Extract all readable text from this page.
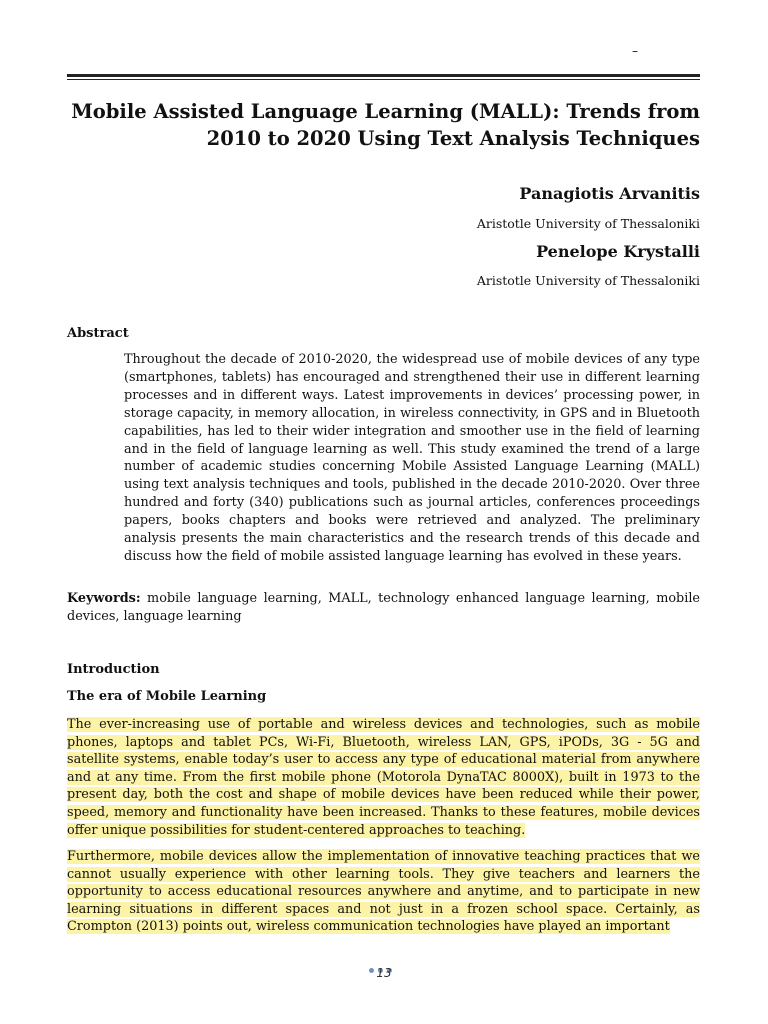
–
Mobile Assisted Language Learning (MALL): Trends from
2010 to 2020 Using Text Analysis Techniques

Panagiotis Arvanitis

Aristotle University of Thessaloniki

Penelope Krystalli

Aristotle University of Thessaloniki

Abstract

Throughout the decade of 2010-2020, the widespread use of mobile devices of any type (smartphones, tablets) has encouraged and strengthened their use in different learning processes and in different ways. Latest improvements in devices’ processing power, in storage capacity, in memory allocation, in wireless connectivity, in GPS and in Bluetooth capabilities, has led to their wider integration and smoother use in the field of learning and in the field of language learning as well. This study examined the trend of a large number of academic studies concerning Mobile Assisted Language Learning (MALL) using text analysis techniques and tools, published in the decade 2010-2020. Over three hundred and forty (340) publications such as journal articles, conferences proceedings papers, books chapters and books were retrieved and analyzed. The preliminary analysis presents the main characteristics and the research trends of this decade and discuss how the field of mobile assisted language learning has evolved in these years.

Keywords: mobile language learning, MALL, technology enhanced language learning, mobile devices, language learning

Introduction

The era of Mobile Learning

The ever-increasing use of portable and wireless devices and technologies, such as mobile phones, laptops and tablet PCs, Wi-Fi, Bluetooth, wireless LAN, GPS, iPODs, 3G - 5G and satellite systems, enable today’s user to access any type of educational material from anywhere and at any time. From the first mobile phone (Motorola DynaTAC 8000X), built in 1973 to the present day, both the cost and shape of mobile devices have been reduced while their power, speed, memory and functionality have been increased. Thanks to these features, mobile devices offer unique possibilities for student-centered approaches to teaching.

Furthermore, mobile devices allow the implementation of innovative teaching practices that we cannot usually experience with other learning tools. They give teachers and learners the opportunity to access educational resources anywhere and anytime, and to participate in new learning situations in different spaces and not just in a frozen school space. Certainly, as Crompton (2013) points out, wireless communication technologies have played an important

13
